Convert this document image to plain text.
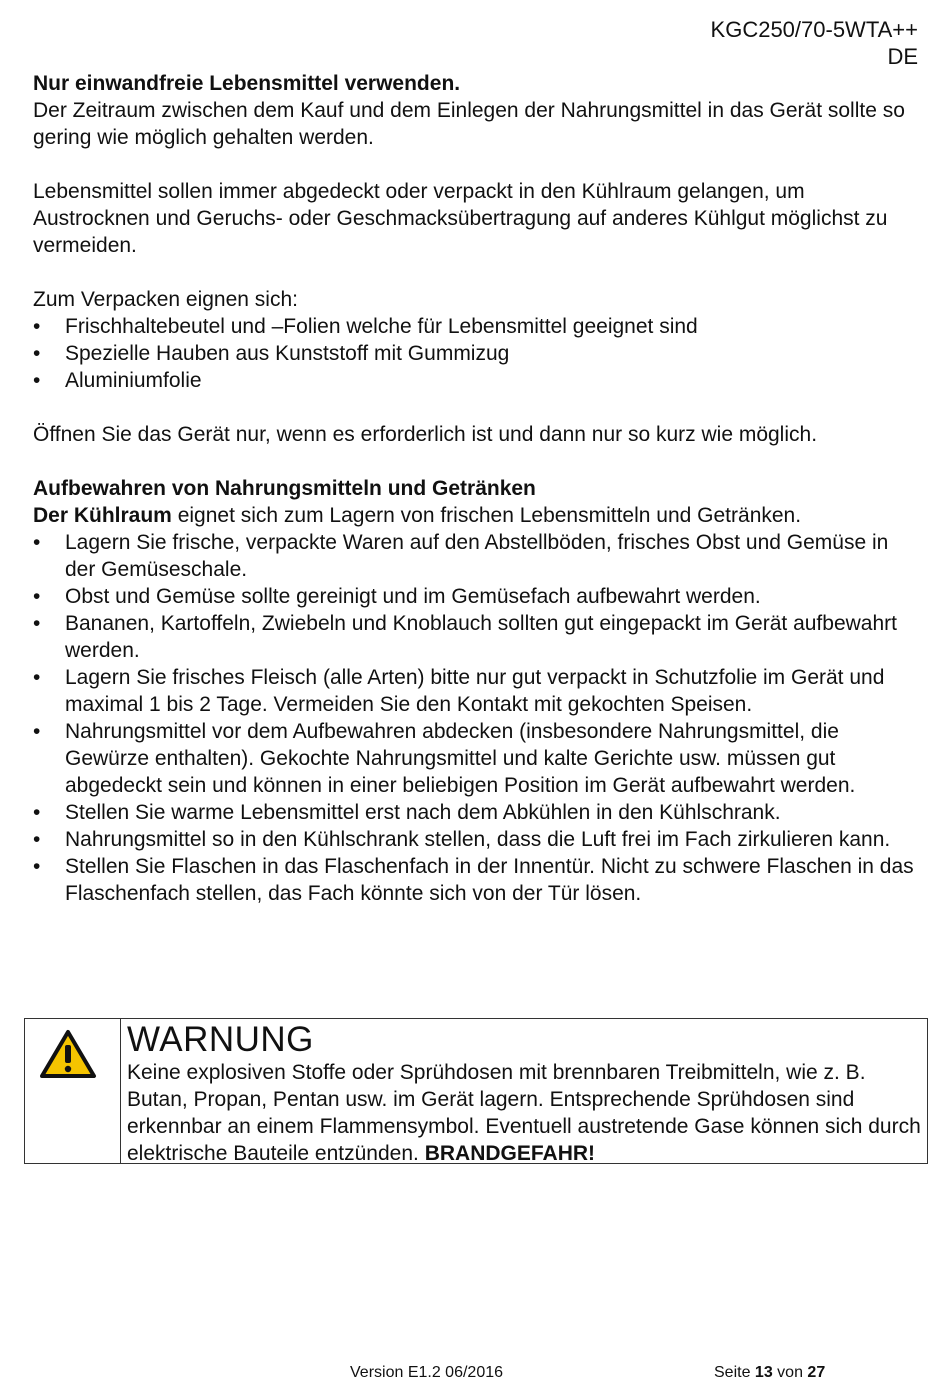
KGC250/70-5WTA++
DE

Nur einwandfreie Lebensmittel verwenden.

Der Zeitraum zwischen dem Kauf und dem Einlegen der Nahrungsmittel in das Gerät sollte so gering wie möglich gehalten werden.

Lebensmittel sollen immer abgedeckt oder verpackt in den Kühlraum gelangen, um Austrocknen und Geruchs- oder Geschmacksübertragung auf anderes Kühlgut möglichst zu vermeiden.

Zum Verpacken eignen sich:

•	Frischhaltebeutel und –Folien welche für Lebensmittel geeignet sind
•	Spezielle Hauben aus Kunststoff mit Gummizug
•	Aluminiumfolie

Öffnen Sie das Gerät nur, wenn es erforderlich ist und dann nur so kurz wie möglich.

Aufbewahren von Nahrungsmitteln und Getränken

Der Kühlraum eignet sich zum Lagern von frischen Lebensmitteln und Getränken.

•	Lagern Sie frische, verpackte Waren auf den Abstellböden, frisches Obst und Gemüse in der Gemüseschale.
•	Obst und Gemüse sollte gereinigt und im Gemüsefach aufbewahrt werden.
•	Bananen, Kartoffeln, Zwiebeln und Knoblauch sollten gut eingepackt im Gerät aufbewahrt werden.
•	Lagern Sie frisches Fleisch (alle Arten) bitte nur gut verpackt in Schutzfolie im Gerät und maximal 1 bis 2 Tage. Vermeiden Sie den Kontakt mit gekochten Speisen.
•	Nahrungsmittel vor dem Aufbewahren abdecken (insbesondere Nahrungsmittel, die Gewürze enthalten). Gekochte Nahrungsmittel und kalte Gerichte usw. müssen gut abgedeckt sein und können in einer beliebigen Position im Gerät aufbewahrt werden.
•	Stellen Sie warme Lebensmittel erst nach dem Abkühlen in den Kühlschrank.
•	Nahrungsmittel so in den Kühlschrank stellen, dass die Luft frei im Fach zirkulieren kann.
•	Stellen Sie Flaschen in das Flaschenfach in der Innentür. Nicht zu schwere Flaschen in das Flaschenfach stellen, das Fach könnte sich von der Tür lösen.
WARNUNG
Keine explosiven Stoffe oder Sprühdosen mit brennbaren Treibmitteln, wie z. B. Butan, Propan, Pentan usw. im Gerät lagern. Entsprechende Sprühdosen sind erkennbar an einem Flammensymbol. Eventuell austretende Gase können sich durch elektrische Bauteile entzünden. BRANDGEFAHR!
Version E1.2 06/2016	Seite 13 von 27
